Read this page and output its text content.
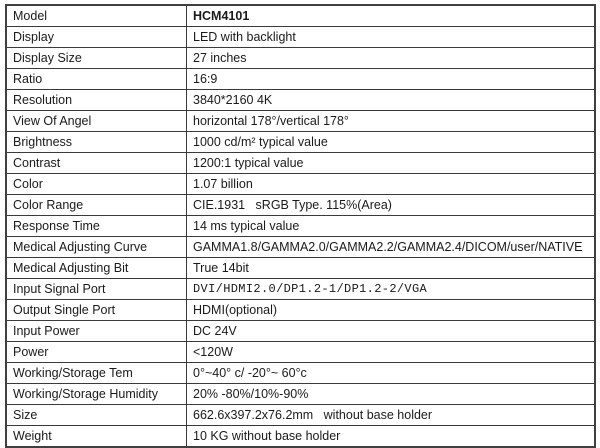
Model	HCM4101
Display	LED with backlight
Display Size	27 inches
Ratio	16:9
Resolution	3840*2160 4K
View Of Angel	horizontal 178°/vertical 178°
Brightness	1000 cd/m² typical value
Contrast	1200:1 typical value
Color	1.07 billion
Color Range	CIE.1931   sRGB Type. 115%(Area)
Response Time	14 ms typical value
Medical Adjusting Curve	GAMMA1.8/GAMMA2.0/GAMMA2.2/GAMMA2.4/DICOM/user/NATIVE
Medical Adjusting Bit	True 14bit
Input Signal Port	DVI/HDMI2.0/DP1.2-1/DP1.2-2/VGA
Output Single Port	HDMI(optional)
Input Power	DC 24V
Power	<120W
Working/Storage Tem	0°~40° c/ -20°~ 60°c
Working/Storage Humidity	20% -80%/10%-90%
Size	662.6x397.2x76.2mm   without base holder
Weight	10 KG without base holder
